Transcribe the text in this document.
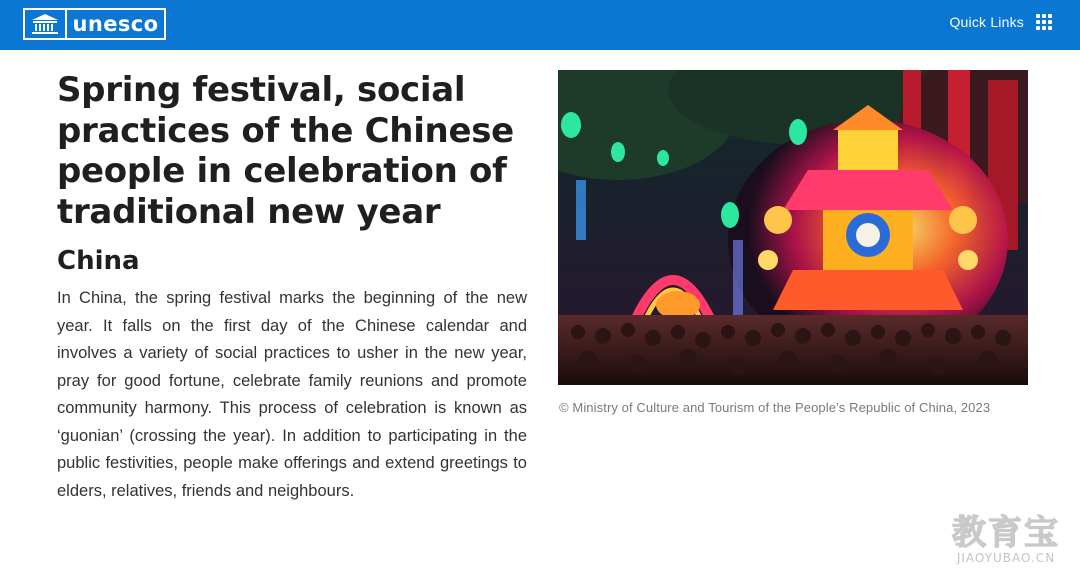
unesco	Quick Links
Spring festival, social practices of the Chinese people in celebration of traditional new year
China

In China, the spring festival marks the beginning of the new year. It falls on the first day of the Chinese calendar and involves a variety of social practices to usher in the new year, pray for good fortune, celebrate family reunions and promote community harmony. This process of celebration is known as ‘guonian’ (crossing the year). In addition to participating in the public festivities, people make offerings and extend greetings to elders, relatives, friends and neighbours.

© Ministry of Culture and Tourism of the People’s Republic of China, 2023

教育宝
JIAOYUBAO.CN
